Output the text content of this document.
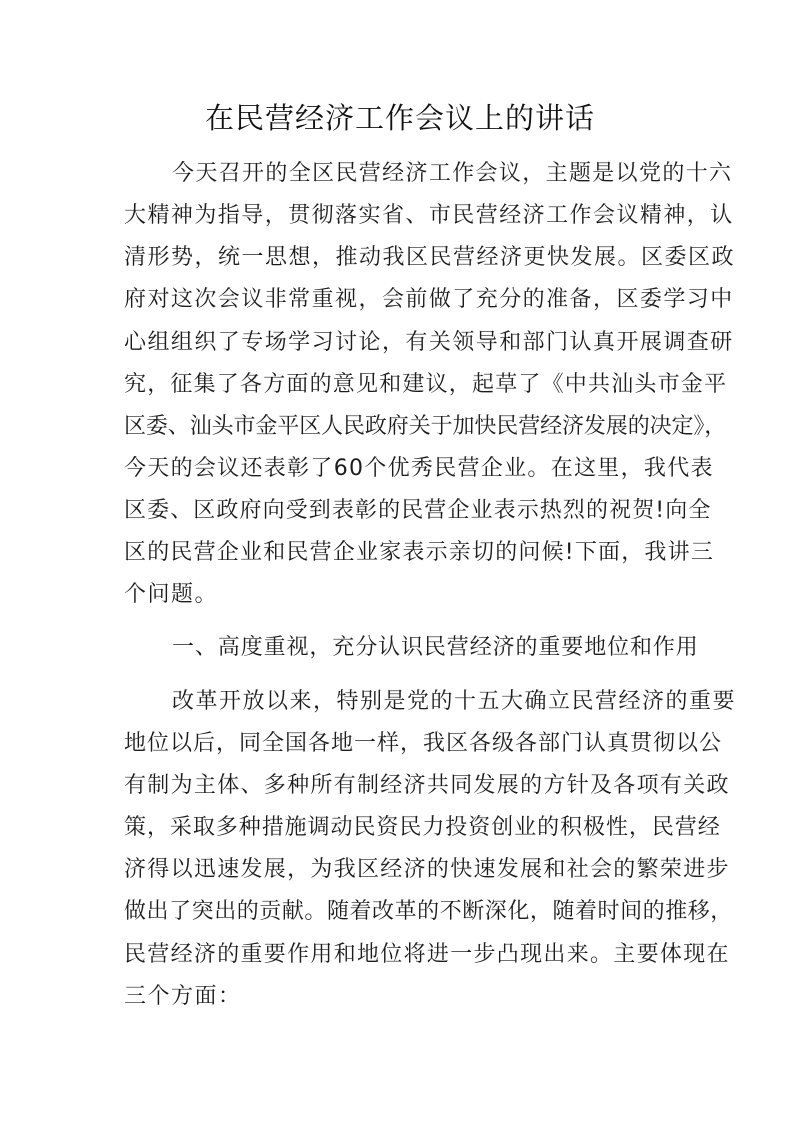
在民营经济工作会议上的讲话
今天召开的全区民营经济工作会议，主题是以党的十六
大精神为指导，贯彻落实省、市民营经济工作会议精神，认
清形势，统一思想，推动我区民营经济更快发展。区委区政
府对这次会议非常重视，会前做了充分的准备，区委学习中
心组组织了专场学习讨论，有关领导和部门认真开展调查研
究，征集了各方面的意见和建议，起草了《中共汕头市金平
区委、汕头市金平区人民政府关于加快民营经济发展的决定》，
今天的会议还表彰了60个优秀民营企业。在这里，我代表
区委、区政府向受到表彰的民营企业表示热烈的祝贺!向全
区的民营企业和民营企业家表示亲切的问候!下面，我讲三
个问题。
一、高度重视，充分认识民营经济的重要地位和作用
改革开放以来，特别是党的十五大确立民营经济的重要
地位以后，同全国各地一样，我区各级各部门认真贯彻以公
有制为主体、多种所有制经济共同发展的方针及各项有关政
策，采取多种措施调动民资民力投资创业的积极性，民营经
济得以迅速发展，为我区经济的快速发展和社会的繁荣进步
做出了突出的贡献。随着改革的不断深化，随着时间的推移，
民营经济的重要作用和地位将进一步凸现出来。主要体现在
三个方面：
